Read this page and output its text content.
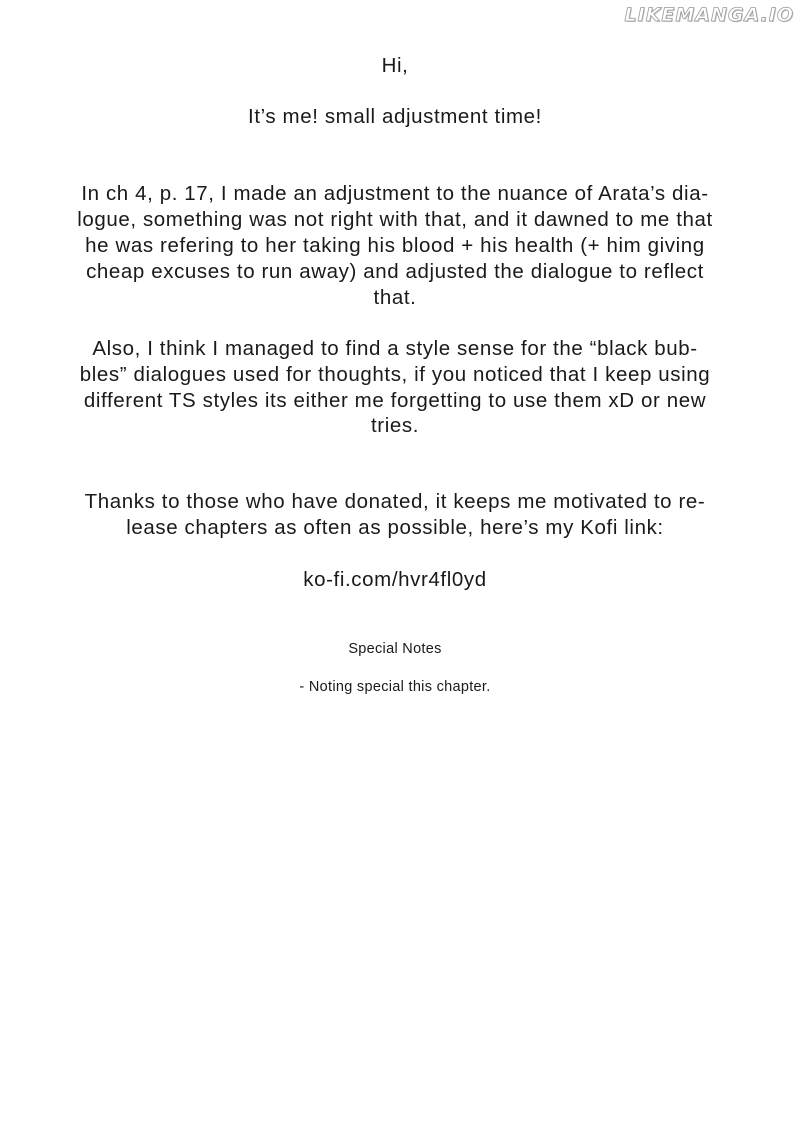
LIKEMANGA.IO
Hi,
It’s me! small adjustment time!
In ch 4, p. 17, I made an adjustment to the nuance of Arata’s dia-
logue, something was not right with that, and it dawned to me that
he was refering to her taking his blood + his health (+ him giving
cheap excuses to run away) and adjusted the dialogue to reflect
that.
Also, I think I managed to find a style sense for the “black bub-
bles” dialogues used for thoughts, if you noticed that I keep using
different TS styles its either me forgetting to use them xD or new
tries.
Thanks to those who have donated, it keeps me motivated to re-
lease chapters as often as possible, here’s my Kofi link:
ko-fi.com/hvr4fl0yd
Special Notes
- Noting special this chapter.
